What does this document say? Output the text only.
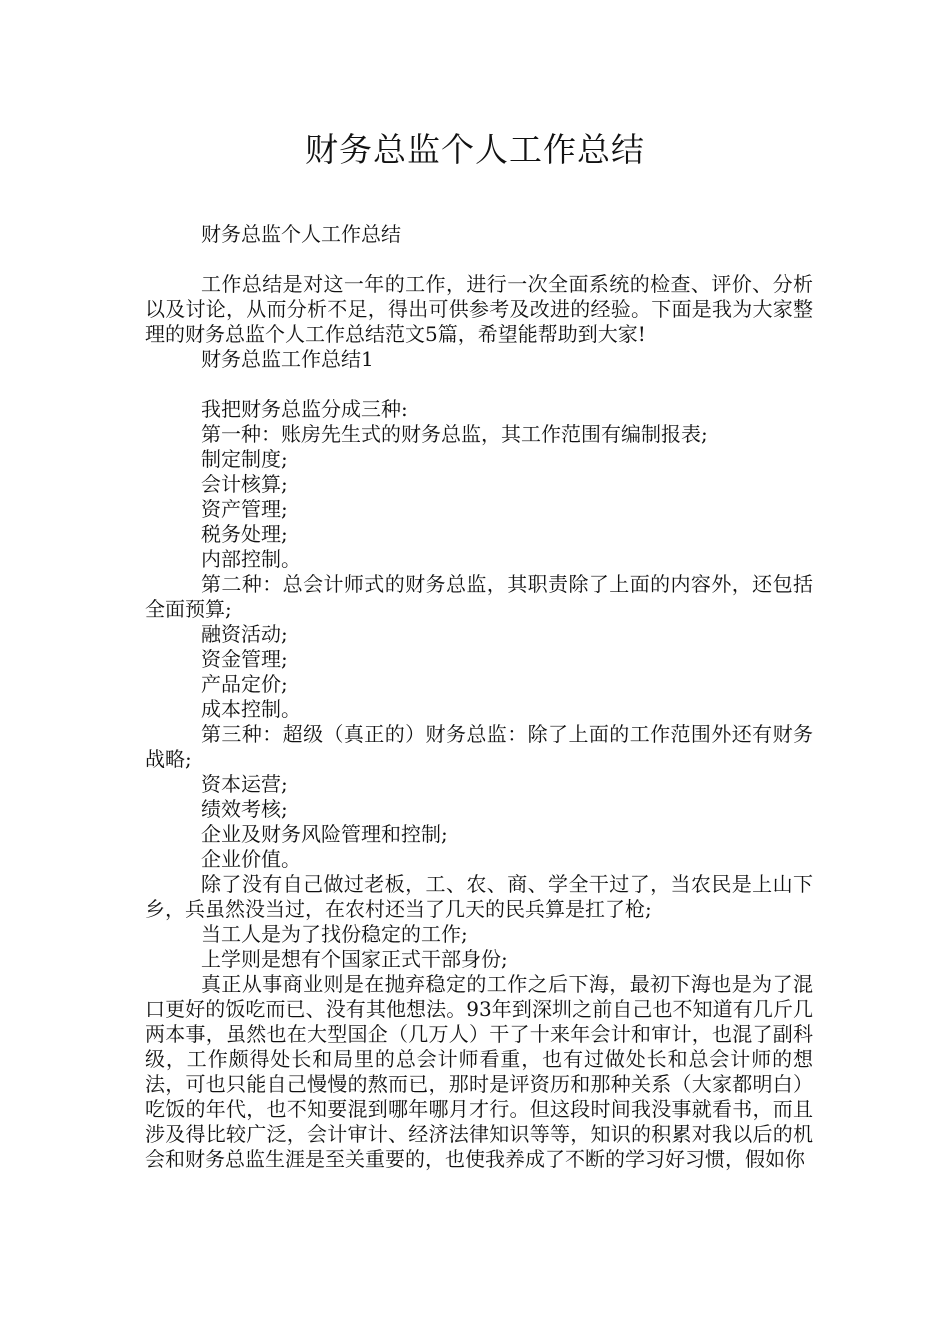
财务总监个人工作总结

财务总监个人工作总结

工作总结是对这一年的工作，进行一次全面系统的检查、评价、分析以及讨论，从而分析不足，得出可供参考及改进的经验。下面是我为大家整理的财务总监个人工作总结范文5篇，希望能帮助到大家!

财务总监工作总结1

我把财务总监分成三种:

第一种：账房先生式的财务总监，其工作范围有编制报表;

制定制度;

会计核算;

资产管理;

税务处理;

内部控制。

第二种：总会计师式的财务总监，其职责除了上面的内容外，还包括全面预算;

融资活动;

资金管理;

产品定价;

成本控制。

第三种：超级（真正的）财务总监：除了上面的工作范围外还有财务战略;

资本运营;

绩效考核;

企业及财务风险管理和控制;

企业价值。

除了没有自己做过老板，工、农、商、学全干过了，当农民是上山下乡，兵虽然没当过，在农村还当了几天的民兵算是扛了枪;

当工人是为了找份稳定的工作;

上学则是想有个国家正式干部身份;

真正从事商业则是在抛弃稳定的工作之后下海，最初下海也是为了混口更好的饭吃而已、没有其他想法。93年到深圳之前自己也不知道有几斤几两本事，虽然也在大型国企（几万人）干了十来年会计和审计，也混了副科级，工作颇得处长和局里的总会计师看重，也有过做处长和总会计师的想法，可也只能自己慢慢的熬而已，那时是评资历和那种关系（大家都明白）吃饭的年代，也不知要混到哪年哪月才行。但这段时间我没事就看书，而且涉及得比较广泛，会计审计、经济法律知识等等，知识的积累对我以后的机会和财务总监生涯是至关重要的，也使我养成了不断的学习好习惯，假如你
